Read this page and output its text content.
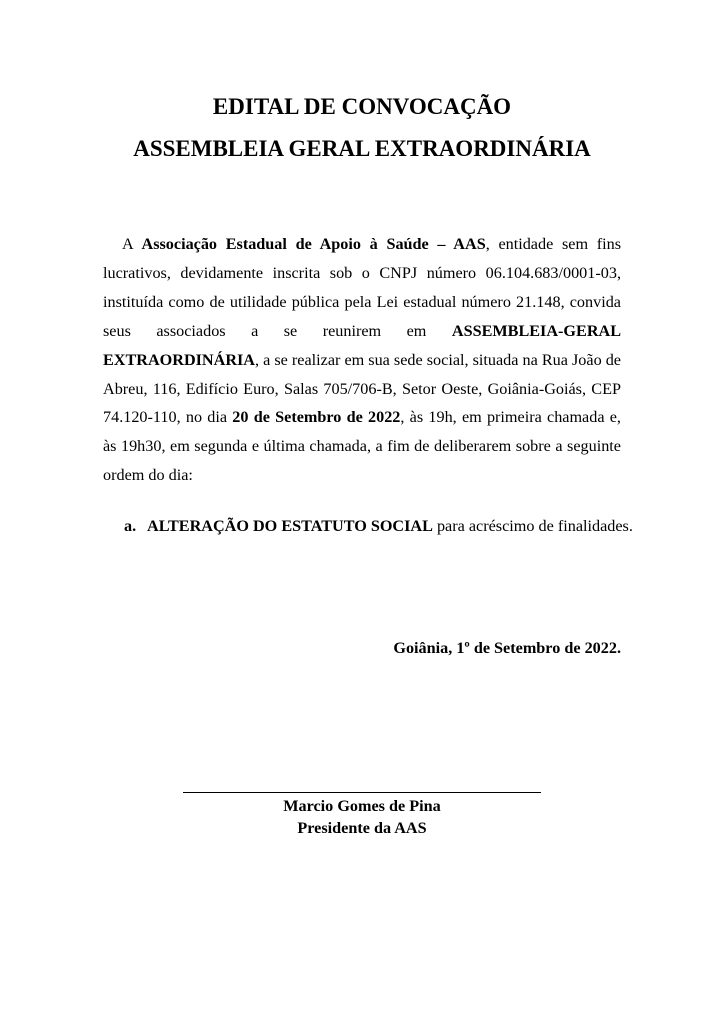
EDITAL DE CONVOCAÇÃO
ASSEMBLEIA GERAL EXTRAORDINÁRIA

A Associação Estadual de Apoio à Saúde – AAS, entidade sem fins lucrativos, devidamente inscrita sob o CNPJ número 06.104.683/0001-03, instituída como de utilidade pública pela Lei estadual número 21.148, convida seus associados a se reunirem em ASSEMBLEIA-GERAL EXTRAORDINÁRIA, a se realizar em sua sede social, situada na Rua João de Abreu, 116, Edifício Euro, Salas 705/706-B, Setor Oeste, Goiânia-Goiás, CEP 74.120-110, no dia 20 de Setembro de 2022, às 19h, em primeira chamada e, às 19h30, em segunda e última chamada, a fim de deliberarem sobre a seguinte ordem do dia:

a. ALTERAÇÃO DO ESTATUTO SOCIAL para acréscimo de finalidades.

Goiânia, 1º de Setembro de 2022.
Marcio Gomes de Pina
Presidente da AAS
